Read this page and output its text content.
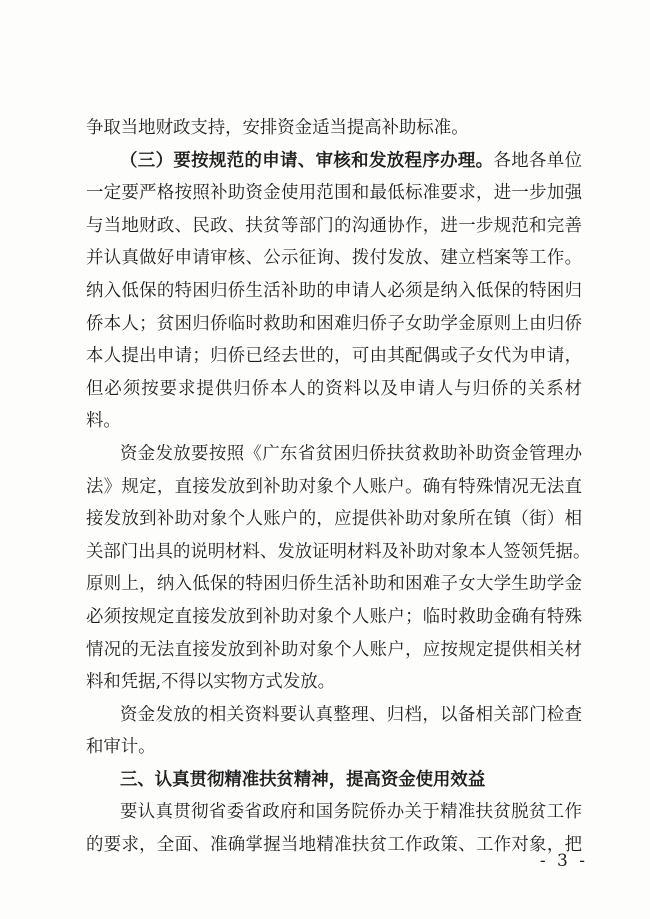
争取当地财政支持，安排资金适当提高补助标准。
（三）要按规范的申请、审核和发放程序办理。各地各单位
一定要严格按照补助资金使用范围和最低标准要求，进一步加强
与当地财政、民政、扶贫等部门的沟通协作，进一步规范和完善
并认真做好申请审核、公示征询、拨付发放、建立档案等工作。
纳入低保的特困归侨生活补助的申请人必须是纳入低保的特困归
侨本人；贫困归侨临时救助和困难归侨子女助学金原则上由归侨
本人提出申请；归侨已经去世的，可由其配偶或子女代为申请，
但必须按要求提供归侨本人的资料以及申请人与归侨的关系材
料。
资金发放要按照《广东省贫困归侨扶贫救助补助资金管理办
法》规定，直接发放到补助对象个人账户。确有特殊情况无法直
接发放到补助对象个人账户的，应提供补助对象所在镇（街）相
关部门出具的说明材料、发放证明材料及补助对象本人签领凭据。
原则上，纳入低保的特困归侨生活补助和困难子女大学生助学金
必须按规定直接发放到补助对象个人账户；临时救助金确有特殊
情况的无法直接发放到补助对象个人账户，应按规定提供相关材
料和凭据,不得以实物方式发放。
资金发放的相关资料要认真整理、归档，以备相关部门检查
和审计。
三、认真贯彻精准扶贫精神，提高资金使用效益
要认真贯彻省委省政府和国务院侨办关于精准扶贫脱贫工作
的要求，全面、准确掌握当地精准扶贫工作政策、工作对象，把
- 3 -
